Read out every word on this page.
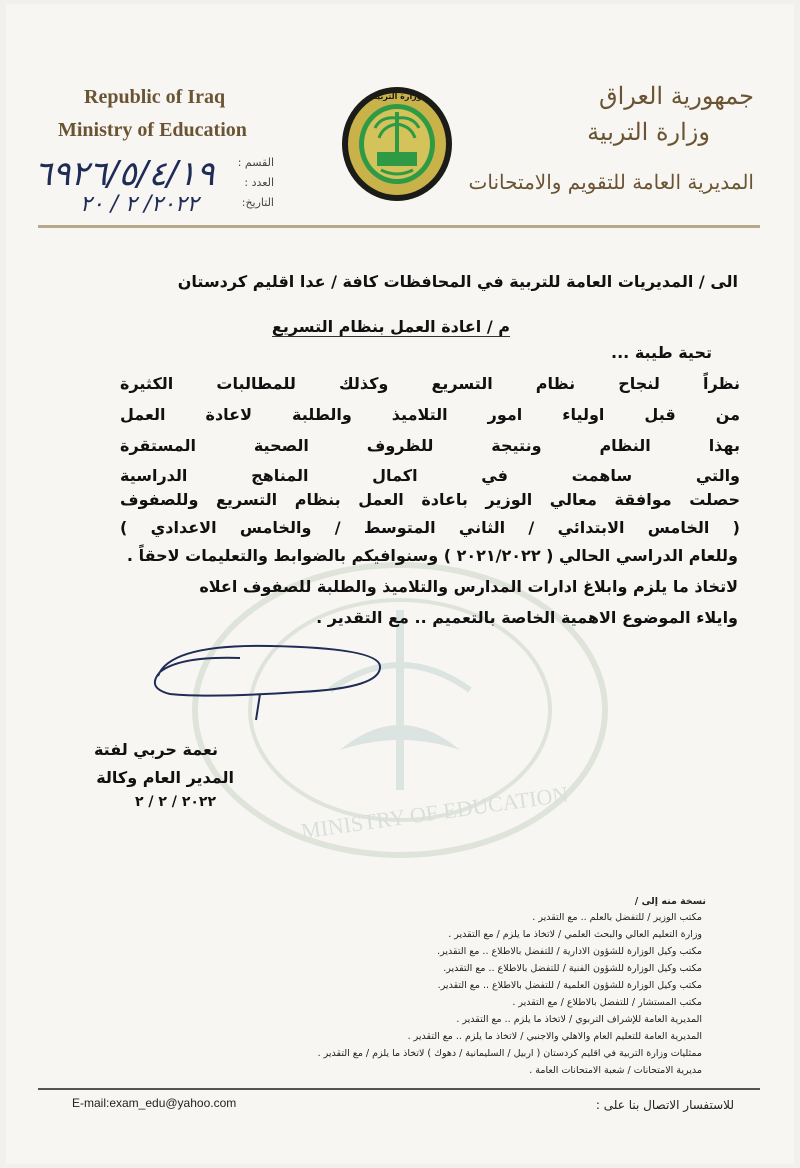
Republic of Iraq
Ministry of Education
جمهورية العراق
وزارة التربية
المديرية العامة للتقويم والامتحانات
وزارة التربية
القسم :
العدد :
التاريخ:
٦٩٢٦/٥/٤/١٩
٢٠٢٢/ ٢ / ٢٠
MINISTRY OF EDUCATION
الى / المديريات العامة للتربية في المحافظات كافة / عدا اقليم كردستان
م / اعادة العمل بنظام التسريع
تحية طيبة ...
نظراً لنجاح نظام التسريع وكذلك للمطالبات الكثيرة
من قبل اولياء امور التلاميذ والطلبة لاعادة العمل
بهذا النظام ونتيجة للظروف الصحية المستقرة
والتي ساهمت في اكمال المناهج الدراسية
حصلت موافقة معالي الوزير باعادة العمل بنظام التسريع وللصفوف
( الخامس الابتدائي / الثاني المتوسط / والخامس الاعدادي )
وللعام الدراسي الحالي ( ٢٠٢١/٢٠٢٢ ) وسنوافيكم بالضوابط والتعليمات لاحقاً .
لاتخاذ ما يلزم وابلاغ ادارات المدارس والتلاميذ والطلبة للصفوف اعلاه
وايلاء الموضوع الاهمية الخاصة بالتعميم .. مع التقدير .
نعمة حربي لفتة
المدير العام وكالة
٢٠٢٢ / ٢ / ٢
نسخة منه إلى /
مكتب الوزير / للتفضل بالعلم .. مع التقدير .
وزارة التعليم العالي والبحث العلمي / لاتخاذ ما يلزم / مع التقدير .
مكتب وكيل الوزارة للشؤون الادارية / للتفضل بالاطلاع .. مع التقدير.
مكتب وكيل الوزارة للشؤون الفنية / للتفضل بالاطلاع .. مع التقدير.
مكتب وكيل الوزارة للشؤون العلمية / للتفضل بالاطلاع .. مع التقدير.
مكتب المستشار / للتفضل بالاطلاع / مع التقدير .
المديرية العامة للإشراف التربوي / لاتخاذ ما يلزم .. مع التقدير .
المديرية العامة للتعليم العام والاهلي والاجنبي / لاتخاذ ما يلزم .. مع التقدير .
ممثليات وزارة التربية في اقليم كردستان ( اربيل / السليمانية / دهوك ) لاتخاذ ما يلزم / مع التقدير .
مديرية الامتحانات / شعبة الامتحانات العامة .
E-mail:exam_edu@yahoo.com	للاستفسار الاتصال بنا على :
